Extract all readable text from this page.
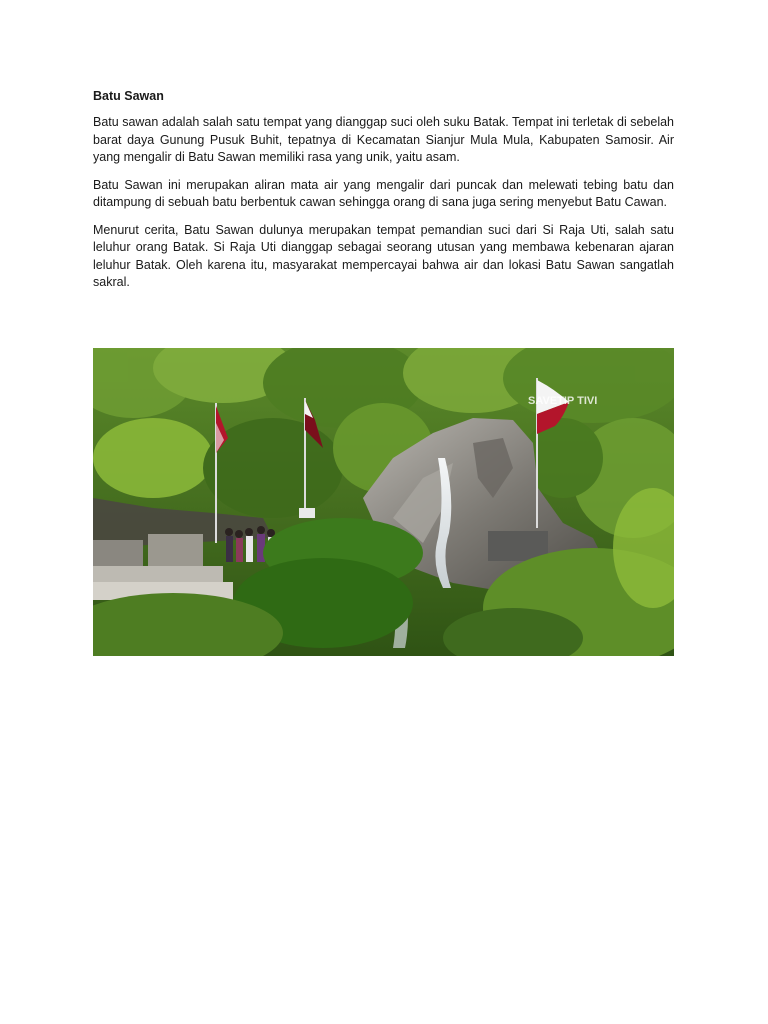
Batu Sawan

Batu sawan adalah salah satu tempat yang dianggap suci oleh suku Batak. Tempat ini terletak di sebelah barat daya Gunung Pusuk Buhit, tepatnya di Kecamatan Sianjur Mula Mula, Kabupaten Samosir. Air yang mengalir di Batu Sawan memiliki rasa yang unik, yaitu asam.

Batu Sawan ini merupakan aliran mata air yang mengalir dari puncak dan melewati tebing batu dan ditampung di sebuah batu berbentuk cawan sehingga orang di sana juga sering menyebut Batu Cawan.

Menurut cerita, Batu Sawan dulunya merupakan tempat pemandian suci dari Si Raja Uti, salah satu leluhur orang Batak. Si Raja Uti dianggap sebagai seorang utusan yang membawa kebenaran ajaran leluhur Batak. Oleh karena itu, masyarakat mempercayai bahwa air dan lokasi Batu Sawan sangatlah sakral.

SAVETIP TIVI
